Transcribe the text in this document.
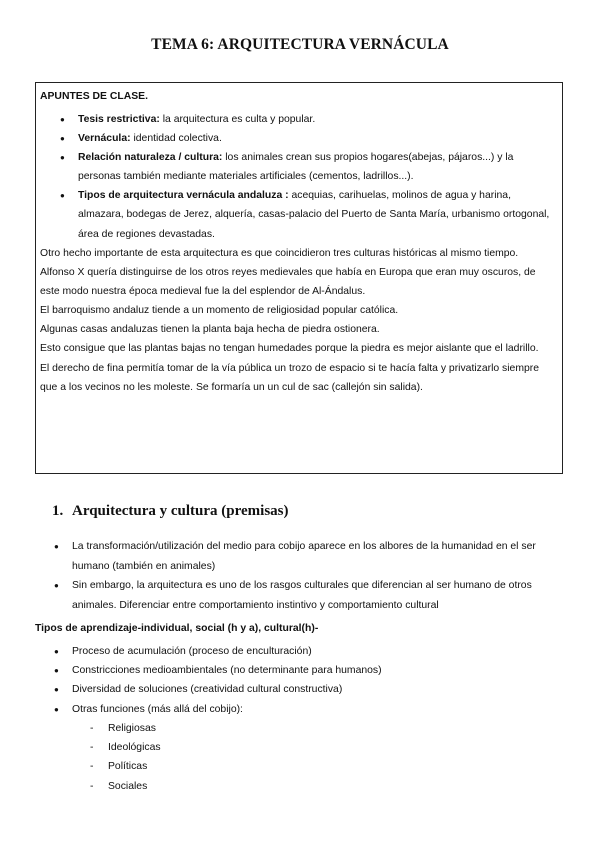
TEMA 6: ARQUITECTURA VERNÁCULA
APUNTES DE CLASE.
● Tesis restrictiva: la arquitectura es culta y popular.
● Vernácula: identidad colectiva.
● Relación naturaleza / cultura: los animales crean sus propios hogares(abejas, pájaros...) y la personas también mediante materiales artificiales (cementos, ladrillos...).
● Tipos de arquitectura vernácula andaluza : acequias, carihuelas, molinos de agua y harina, almazara, bodegas de Jerez, alquería, casas-palacio del Puerto de Santa María, urbanismo ortogonal, área de regiones devastadas.

Otro hecho importante de esta arquitectura es que coincidieron tres culturas históricas al mismo tiempo.

Alfonso X quería distinguirse de los otros reyes medievales que había en Europa que eran muy oscuros, de este modo nuestra época medieval fue la del esplendor de Al-Ándalus.

El barroquismo andaluz tiende a un momento de religiosidad popular católica.

Algunas casas andaluzas tienen la planta baja hecha de piedra ostionera.

Esto consigue que las plantas bajas no tengan humedades porque la piedra es mejor aislante que el ladrillo.

El derecho de fina permitía tomar de la vía pública un trozo de espacio si te hacía falta y privatizarlo siempre que a los vecinos no les moleste. Se formaría un un cul de sac (callejón sin salida).

1. Arquitectura y cultura (premisas)
● La transformación/utilización del medio para cobijo aparece en los albores de la humanidad en el ser humano (también en animales)
● Sin embargo, la arquitectura es uno de los rasgos culturales que diferencian al ser humano de otros animales. Diferenciar entre comportamiento instintivo y comportamiento cultural
Tipos de aprendizaje-individual, social (h y a), cultural(h)-
● Proceso de acumulación (proceso de enculturación)
● Constricciones medioambientales (no determinante para humanos)
● Diversidad de soluciones (creatividad cultural constructiva)
● Otras funciones (más allá del cobijo):
- Religiosas
- Ideológicas
- Políticas
- Sociales
